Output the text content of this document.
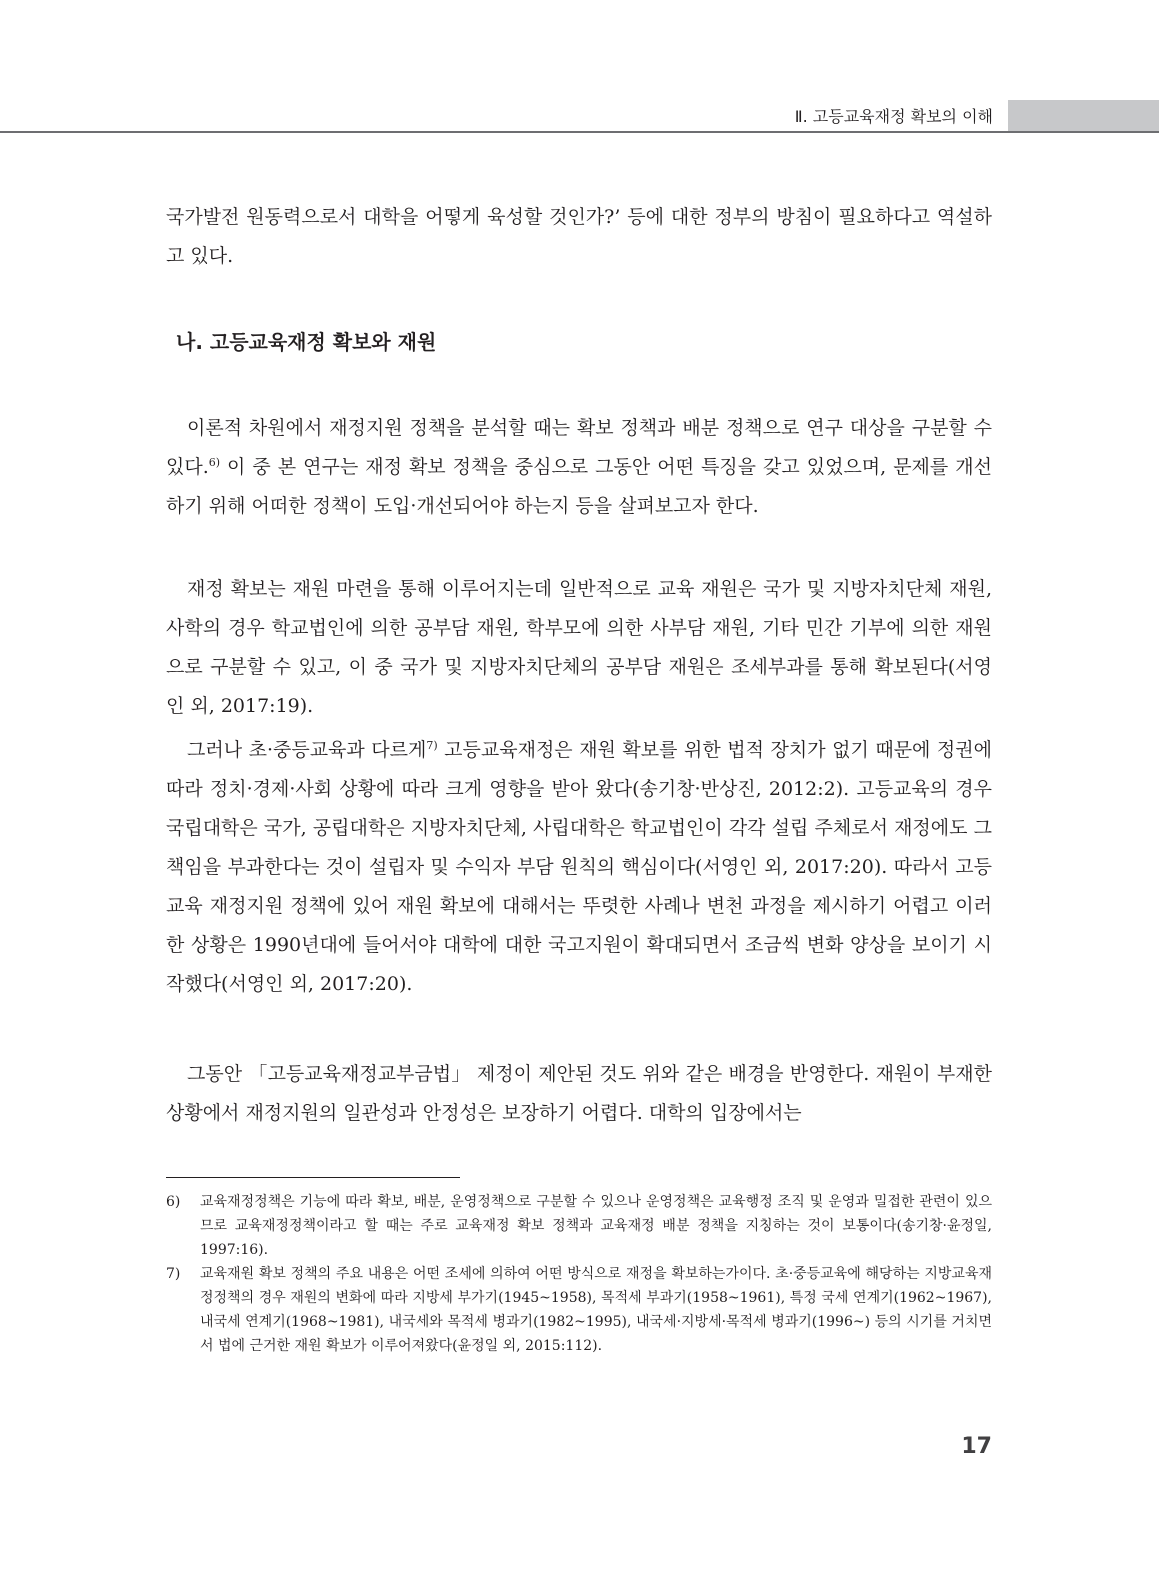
Ⅱ. 고등교육재정 확보의 이해

국가발전 원동력으로서 대학을 어떻게 육성할 것인가?’ 등에 대한 정부의 방침이 필요하다고 역설하고 있다.

나. 고등교육재정 확보와 재원

이론적 차원에서 재정지원 정책을 분석할 때는 확보 정책과 배분 정책으로 연구 대상을 구분할 수 있다.$^{6)}$ 이 중 본 연구는 재정 확보 정책을 중심으로 그동안 어떤 특징을 갖고 있었으며, 문제를 개선하기 위해 어떠한 정책이 도입·개선되어야 하는지 등을 살펴보고자 한다.

재정 확보는 재원 마련을 통해 이루어지는데 일반적으로 교육 재원은 국가 및 지방자치단체 재원, 사학의 경우 학교법인에 의한 공부담 재원, 학부모에 의한 사부담 재원, 기타 민간 기부에 의한 재원으로 구분할 수 있고, 이 중 국가 및 지방자치단체의 공부담 재원은 조세부과를 통해 확보된다(서영인 외, 2017:19).

그러나 초·중등교육과 다르게$^{7)}$ 고등교육재정은 재원 확보를 위한 법적 장치가 없기 때문에 정권에 따라 정치·경제·사회 상황에 따라 크게 영향을 받아 왔다(송기창·반상진, 2012:2). 고등교육의 경우 국립대학은 국가, 공립대학은 지방자치단체, 사립대학은 학교법인이 각각 설립 주체로서 재정에도 그 책임을 부과한다는 것이 설립자 및 수익자 부담 원칙의 핵심이다(서영인 외, 2017:20). 따라서 고등교육 재정지원 정책에 있어 재원 확보에 대해서는 뚜렷한 사례나 변천 과정을 제시하기 어렵고 이러한 상황은 1990년대에 들어서야 대학에 대한 국고지원이 확대되면서 조금씩 변화 양상을 보이기 시작했다(서영인 외, 2017:20).

그동안 「고등교육재정교부금법」 제정이 제안된 것도 위와 같은 배경을 반영한다. 재원이 부재한 상황에서 재정지원의 일관성과 안정성은 보장하기 어렵다. 대학의 입장에서는

6) 교육재정정책은 기능에 따라 확보, 배분, 운영정책으로 구분할 수 있으나 운영정책은 교육행정 조직 및 운영과 밀접한 관련이 있으므로 교육재정정책이라고 할 때는 주로 교육재정 확보 정책과 교육재정 배분 정책을 지칭하는 것이 보통이다(송기창·윤정일, 1997:16).
7) 교육재원 확보 정책의 주요 내용은 어떤 조세에 의하여 어떤 방식으로 재정을 확보하는가이다. 초·중등교육에 해당하는 지방교육재정정책의 경우 재원의 변화에 따라 지방세 부가기(1945~1958), 목적세 부과기(1958~1961), 특정 국세 연계기(1962~1967), 내국세 연계기(1968~1981), 내국세와 목적세 병과기(1982~1995), 내국세·지방세·목적세 병과기(1996~) 등의 시기를 거치면서 법에 근거한 재원 확보가 이루어져왔다(윤정일 외, 2015:112).
17
